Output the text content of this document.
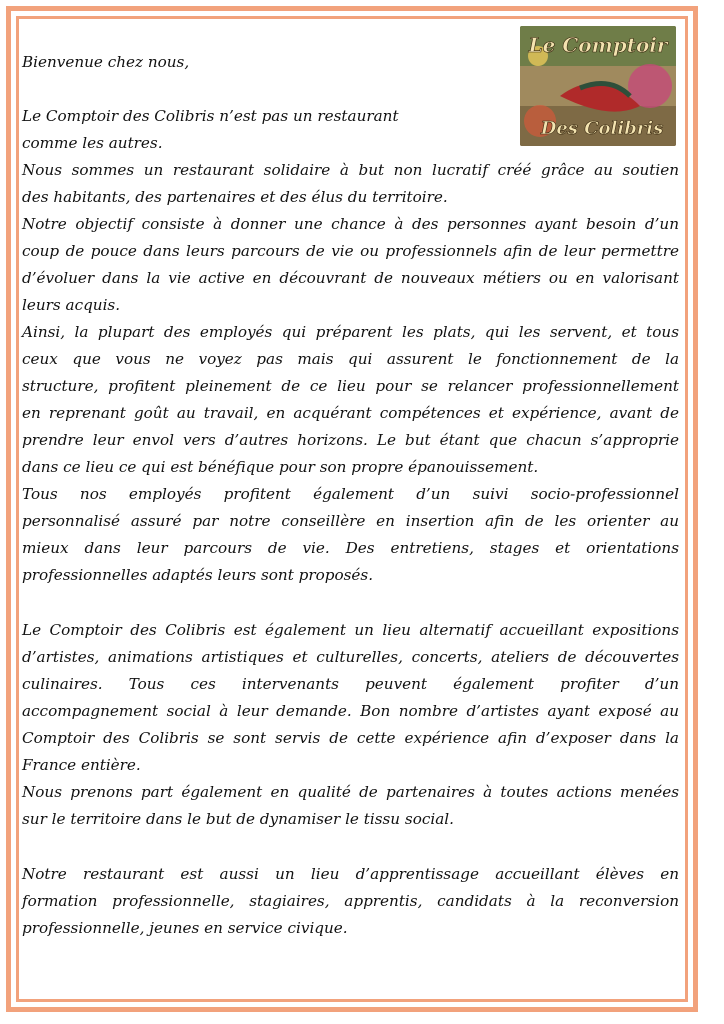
Le Comptoir
Des Colibris
Bienvenue chez nous,
Le Comptoir des Colibris n’est pas un restaurant
comme les autres.
Nous sommes un restaurant solidaire à but non lucratif créé grâce au soutien
des habitants, des partenaires et des élus du territoire.
Notre objectif consiste à donner une chance à des personnes ayant besoin d’un
coup de pouce dans leurs parcours de vie ou professionnels afin de leur permettre
d’évoluer dans la vie active en découvrant de nouveaux métiers ou en valorisant
leurs acquis.
Ainsi, la plupart des employés qui préparent les plats, qui les servent, et tous
ceux que vous ne voyez pas mais qui assurent le fonctionnement de la
structure, profitent pleinement de ce lieu pour se relancer professionnellement
en reprenant goût au travail, en acquérant compétences et expérience, avant de
prendre leur envol vers d’autres horizons. Le but étant que chacun s’approprie
dans ce lieu ce qui est bénéfique pour son propre épanouissement.
Tous nos employés profitent également d’un suivi socio-professionnel
personnalisé assuré par notre conseillère en insertion afin de les orienter au
mieux dans leur parcours de vie. Des entretiens, stages et orientations
professionnelles adaptés leurs sont proposés.
Le Comptoir des Colibris est également un lieu alternatif accueillant expositions
d’artistes, animations artistiques et culturelles, concerts, ateliers de découvertes
culinaires. Tous ces intervenants peuvent également profiter d’un
accompagnement social à leur demande. Bon nombre d’artistes ayant exposé au
Comptoir des Colibris se sont servis de cette expérience afin d’exposer dans la
France entière.
Nous prenons part également en qualité de partenaires à toutes actions menées
sur le territoire dans le but de dynamiser le tissu social.
Notre restaurant est aussi un lieu d’apprentissage accueillant élèves en
formation professionnelle, stagiaires, apprentis, candidats à la reconversion
professionnelle, jeunes en service civique.
